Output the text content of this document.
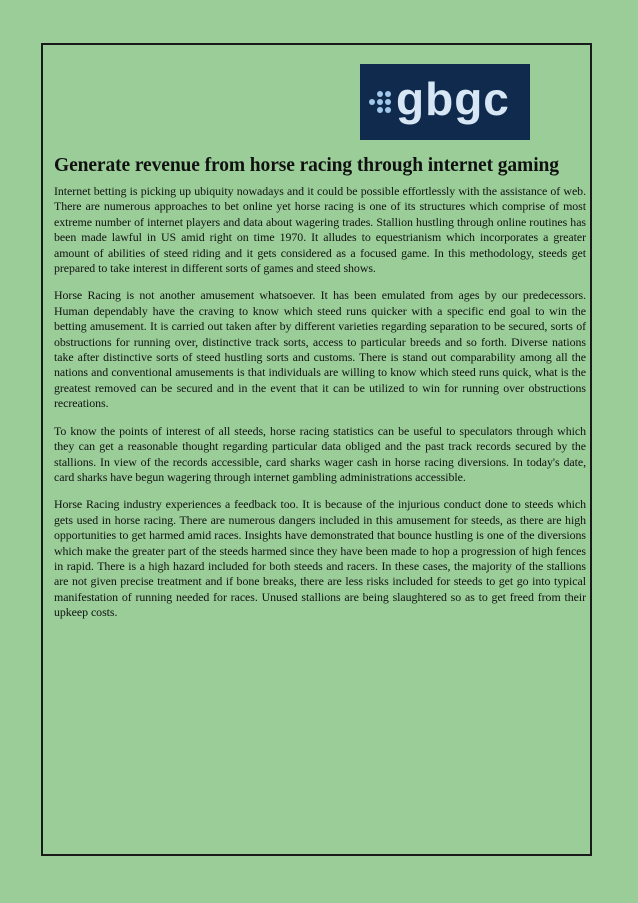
gbgc
Generate revenue from horse racing through internet gaming

Internet betting is picking up ubiquity nowadays and it could be possible effortlessly with the assistance of web. There are numerous approaches to bet online yet horse racing is one of its structures which comprise of most extreme number of internet players and data about wagering trades. Stallion hustling through online routines has been made lawful in US amid right on time 1970. It alludes to equestrianism which incorporates a greater amount of abilities of steed riding and it gets considered as a focused game. In this methodology, steeds get prepared to take interest in different sorts of games and steed shows.

Horse Racing is not another amusement whatsoever. It has been emulated from ages by our predecessors. Human dependably have the craving to know which steed runs quicker with a specific end goal to win the betting amusement. It is carried out taken after by different varieties regarding separation to be secured, sorts of obstructions for running over, distinctive track sorts, access to particular breeds and so forth. Diverse nations take after distinctive sorts of steed hustling sorts and customs. There is stand out comparability among all the nations and conventional amusements is that individuals are willing to know which steed runs quick, what is the greatest removed can be secured and in the event that it can be utilized to win for running over obstructions recreations.

To know the points of interest of all steeds, horse racing statistics can be useful to speculators through which they can get a reasonable thought regarding particular data obliged and the past track records secured by the stallions. In view of the records accessible, card sharks wager cash in horse racing diversions. In today's date, card sharks have begun wagering through internet gambling administrations accessible.

Horse Racing industry experiences a feedback too. It is because of the injurious conduct done to steeds which gets used in horse racing. There are numerous dangers included in this amusement for steeds, as there are high opportunities to get harmed amid races. Insights have demonstrated that bounce hustling is one of the diversions which make the greater part of the steeds harmed since they have been made to hop a progression of high fences in rapid. There is a high hazard included for both steeds and racers. In these cases, the majority of the stallions are not given precise treatment and if bone breaks, there are less risks included for steeds to get go into typical manifestation of running needed for races. Unused stallions are being slaughtered so as to get freed from their upkeep costs.
